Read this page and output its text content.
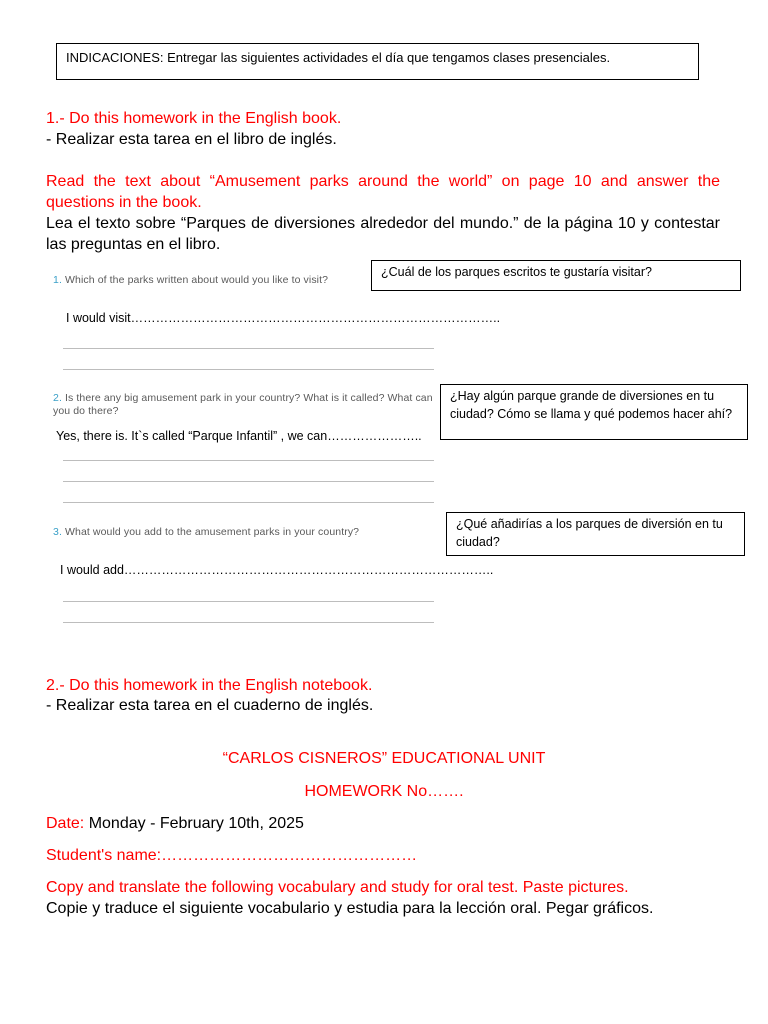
INDICACIONES: Entregar las siguientes actividades el día que tengamos clases presenciales.
1.- Do this homework in the English book.
- Realizar esta tarea en el libro de inglés.
Read the text about “Amusement parks around the world” on page 10 and answer the questions in the book.
Lea el texto sobre “Parques de diversiones alrededor del mundo.” de la página 10 y contestar las preguntas en el libro.
1. Which of the parks written about would you like to visit?
¿Cuál de los parques escritos te gustaría visitar?
I would visit……………………………………………………………………………..
2. Is there any big amusement park in your country? What is it called? What can you do there?
¿Hay algún parque grande de diversiones en tu ciudad? Cómo se llama y qué podemos hacer ahí?
Yes, there is. It`s called “Parque Infantil” , we can…………………..
3. What would you add to the amusement parks in your country?
¿Qué añadirías a los parques de diversión en tu ciudad?
I would add……………………………………………………………………………..
2.- Do this homework in the English notebook.
- Realizar esta tarea en el cuaderno de inglés.
“CARLOS CISNEROS” EDUCATIONAL UNIT
HOMEWORK No…….
Date: Monday - February 10th, 2025
Student's name:…………………………………………
Copy and translate the following vocabulary and study for oral test. Paste pictures.
Copie y traduce el siguiente vocabulario y estudia para la lección oral. Pegar gráficos.
